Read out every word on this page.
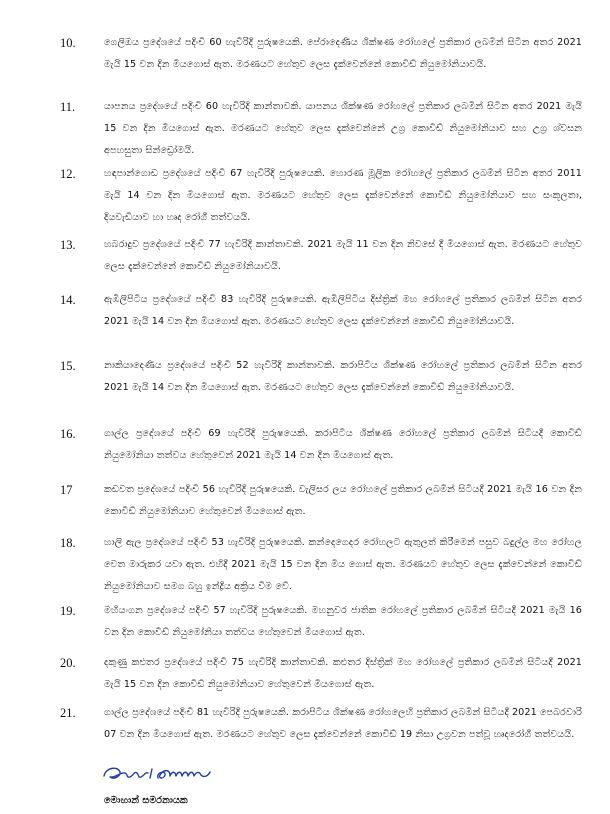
10.	ගෙලිඔය ප්‍රදේශයේ පදිංචි 60 හැවිරිදි පුරුෂයෙකි. පේරාදෙණිය ශික්ෂණ රෝහලේ ප්‍රතිකාර ලබමින් සිටින අතර 2021 මැයි 15 වන දින මියගොස් ඇත. මරණයට හේතුව ලෙස දැක්වෙන්නේ කොවිඩ් නියුමෝනියාවයි.
11.	යාපනය ප්‍රදේශයේ පදිංචි 60 හැවිරිදි කාන්තාවකි. යාපනය ශික්ෂණ රෝහලේ ප්‍රතිකාර ලබමින් සිටින අතර 2021 මැයි 15 වන දින මියගොස් ඇත. මරණයට හේතුව ලෙස දැක්වෙන්නේ උග්‍ර කොවිඩ් නියුමෝනියාව සහ උග්‍ර ශ්වසන අපහසුතා සින්ඩ්‍රෝමයි.
12.	හඳපාන්ගොඩ ප්‍රදේශයේ පදිංචි 67 හැවිරිදි පුරුෂයෙකි. හොරණ මූලික රෝහලේ ප්‍රතිකාර ලබමින් සිටින අතර 2011 මැයි 14 වන දින මියගොස් ඇත. මරණයට හේතුව ලෙස දැක්වෙන්නේ කොවිඩ් නියුමෝනියාව සහ සංකූලතා, දියවැඩියාව හා හෘද රෝගී තත්වයයි.
13.	හබරාදුව ප්‍රදේශයේ පදිංචි 77 හැවිරිදි කාන්තාවකි. 2021 මැයි 11 වන දින නිවසේ දී මියගොස් ඇත. මරණයට හේතුව ලෙස දැක්වෙන්නේ කොවිඩ් නියුමෝනියාවයි.
14.	ඇඹිලිපිටිය ප්‍රදේශයේ පදිංචි 83 හැවිරිදි පුරුෂයෙකි. ඇඹිලිපිටිය දිස්ත්‍රික් මහ රෝහලේ ප්‍රතිකාර ලබමින් සිටින අතර 2021 මැයි 14 වන දින මියගොස් ඇත. මරණයට හේතුව ලෙස දැක්වෙන්නේ කොවිඩ් නියුමෝනියාවයි.
15.	නාකියාදෙණිය ප්‍රදේශයේ පදිංචි 52 හැවිරිදි කාන්තාවකි. කරාපිටිය ශික්ෂණ රෝහලේ ප්‍රතිකාර ලබමින් සිටින අතර 2021 මැයි 14 වන දින මියගොස් ඇත. මරණයට හේතුව ලෙස දැක්වෙන්නේ කොවිඩ් නියුමෝනියාවයි.
16.	ගාල්ල ප්‍රදේශයේ පදිංචි 69 හැවිරිදි පුරුෂයෙකි. කරාපිටිය ශික්ෂණ රෝහලේ ප්‍රතිකාර ලබමින් සිටියදී කොවිඩ් නියුමෝනියා තත්වය හේතුවෙන් 2021 මැයි 14 වන දින මියගොස් ඇත.
17	කඩවත ප්‍රදේශයේ පදිංචි 56 හැවිරිදි පුරුෂයෙකි. වැලිසර ලය රෝහලේ ප්‍රතිකාර ලබමින් සිටියදී 2021 මැයි 16 වන දින කොවිඩ් නියුමෝනියාව හේතුවෙන් මියගොස් ඇත.
18.	හාලි ඇල ප්‍රදේශයේ පදිංචි 53 හැවිරිදි පුරුෂයෙකි. කන්දෙගෙදර රෝහලට ඇතුලත් කිරීමෙන් පසුව බදුල්ල මහ රෝහල වෙත මාරුකර යවා ඇත. එහිදී 2021 මැයි 15 වන දින මිය ගොස් ඇත. මරණයට හේතුව ලෙස දැක්වෙන්නේ කොවිඩ් නියුමෝනියාව සමග බහු ඉන්ද්‍රිය අක්‍රිය වීම වේ.
19.	මහියංගන ප්‍රදේශයේ පදිංචි 57 හැවිරිදි පුරුෂයෙකි. මහනුවර ජාතික රෝහලේ ප්‍රතිකාර ලබමින් සිටියදී 2021 මැයි 16 වන දින කොවිඩ් නියුමෝනියා තත්වය හේතුවෙන් මියගොස් ඇත.
20.	දකුණු කළුතර ප්‍රදේශයේ පදිංචි 75 හැවිරිදි කාන්තාවකි. කළුතර දිස්ත්‍රික් මහ රෝහලේ ප්‍රතිකාර ලබමින් සිටියදී 2021 මැයි 15 වන දින කොවිඩ් නියුමෝනියාව හේතුවෙන් මියගොස් ඇත.
21.	ගාල්ල ප්‍රදේශයේ පදිංචි 81 හැවිරිදි පුරුෂයෙකි. කරාපිටිය ශික්ෂණ රෝහලෙහි ප්‍රතිකාර ලබමින් සිටියදී 2021 පෙබරවාරි 07 වන දින මියගොස් ඇත. මරණයට හේතුව ලෙස දැක්වෙන්නේ කොවිඩ් 19 නිසා උග්‍රවන පත්වූ හෘදරෝගී තත්වයයි.
මොහාන් සමරනායක
